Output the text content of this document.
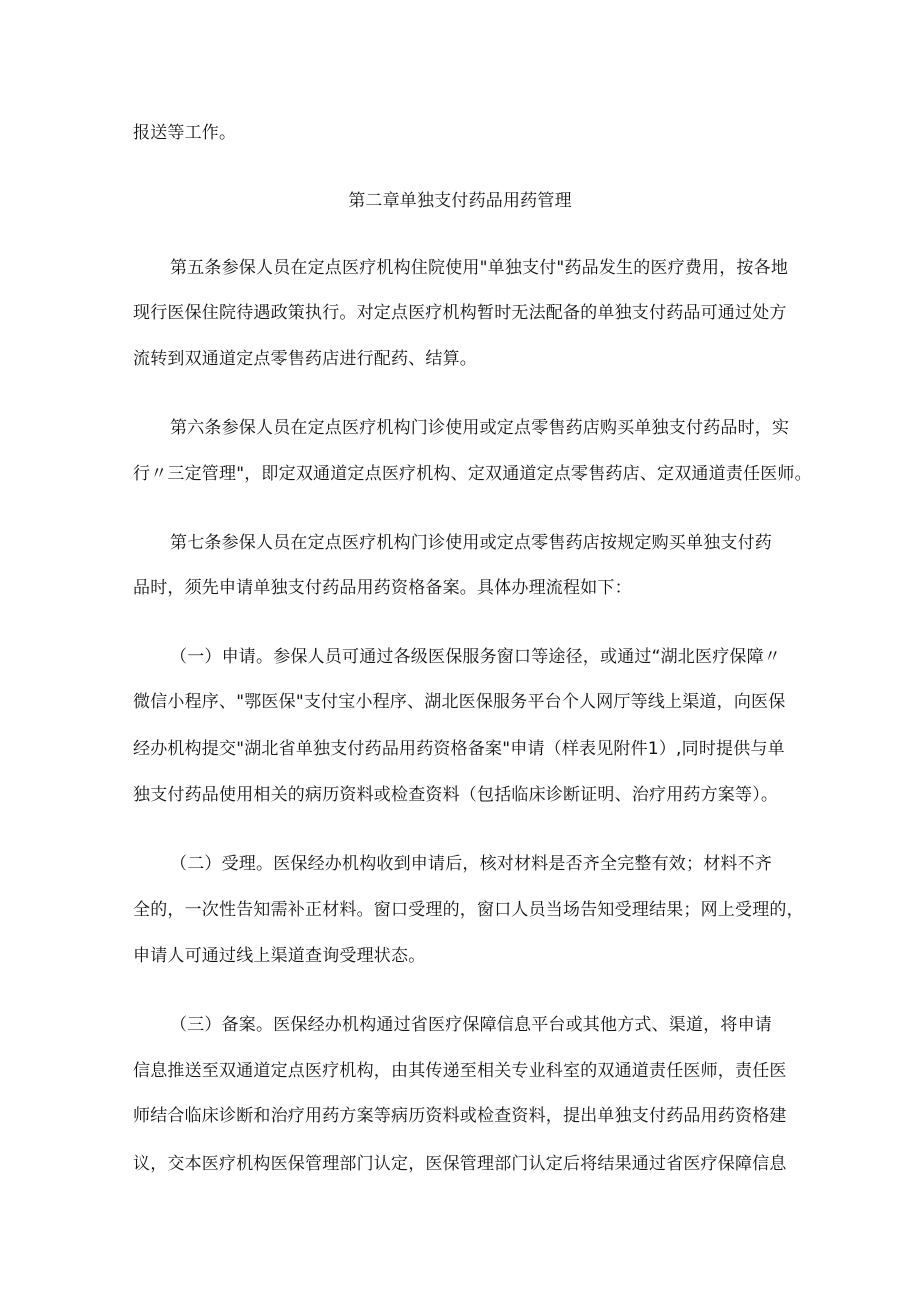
报送等工作。
第二章单独支付药品用药管理
第五条参保人员在定点医疗机构住院使用"单独支付"药品发生的医疗费用，按各地
现行医保住院待遇政策执行。对定点医疗机构暂时无法配备的单独支付药品可通过处方
流转到双通道定点零售药店进行配药、结算。
第六条参保人员在定点医疗机构门诊使用或定点零售药店购买单独支付药品时，实
行〃三定管理"，即定双通道定点医疗机构、定双通道定点零售药店、定双通道责任医师。
第七条参保人员在定点医疗机构门诊使用或定点零售药店按规定购买单独支付药
品时，须先申请单独支付药品用药资格备案。具体办理流程如下：
（一）申请。参保人员可通过各级医保服务窗口等途径，或通过“湖北医疗保障〃
微信小程序、"鄂医保"支付宝小程序、湖北医保服务平台个人网厅等线上渠道，向医保
经办机构提交"湖北省单独支付药品用药资格备案"申请（样表见附件1）,同时提供与单
独支付药品使用相关的病历资料或检查资料（包括临床诊断证明、治疗用药方案等）。
（二）受理。医保经办机构收到申请后，核对材料是否齐全完整有效；材料不齐
全的，一次性告知需补正材料。窗口受理的，窗口人员当场告知受理结果；网上受理的，
申请人可通过线上渠道查询受理状态。
（三）备案。医保经办机构通过省医疗保障信息平台或其他方式、渠道，将申请
信息推送至双通道定点医疗机构，由其传递至相关专业科室的双通道责任医师，责任医
师结合临床诊断和治疗用药方案等病历资料或检查资料，提出单独支付药品用药资格建
议，交本医疗机构医保管理部门认定，医保管理部门认定后将结果通过省医疗保障信息
